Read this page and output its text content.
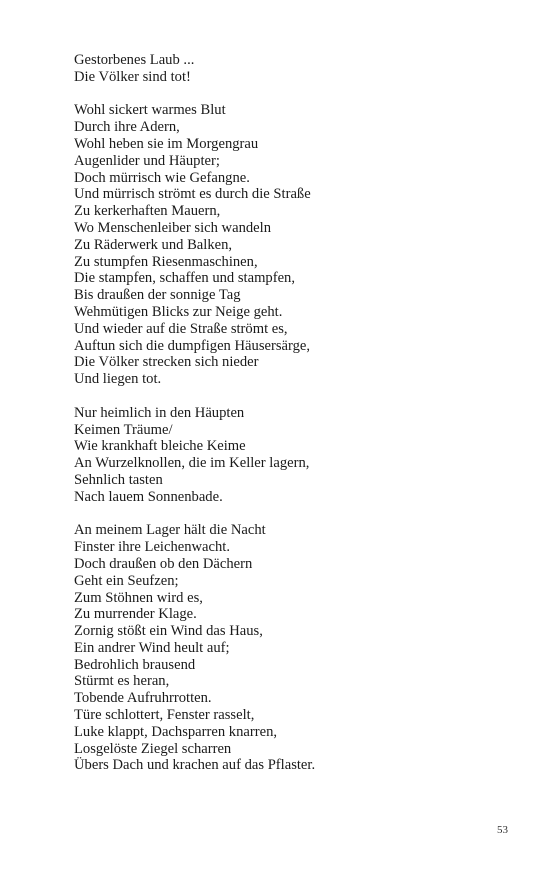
Gestorbenes Laub ...
Die Völker sind tot!
Wohl sickert warmes Blut
Durch ihre Adern,
Wohl heben sie im Morgengrau
Augenlider und Häupter;
Doch mürrisch wie Gefangne.
Und mürrisch strömt es durch die Straße
Zu kerkerhaften Mauern,
Wo Menschenleiber sich wandeln
Zu Räderwerk und Balken,
Zu stumpfen Riesenmaschinen,
Die stampfen, schaffen und stampfen,
Bis draußen der sonnige Tag
Wehmütigen Blicks zur Neige geht.
Und wieder auf die Straße strömt es,
Auftun sich die dumpfigen Häusersärge,
Die Völker strecken sich nieder
Und liegen tot.
Nur heimlich in den Häupten
Keimen Träume/
Wie krankhaft bleiche Keime
An Wurzelknollen, die im Keller lagern,
Sehnlich tasten
Nach lauem Sonnenbade.
An meinem Lager hält die Nacht
Finster ihre Leichenwacht.
Doch draußen ob den Dächern
Geht ein Seufzen;
Zum Stöhnen wird es,
Zu murrender Klage.
Zornig stößt ein Wind das Haus,
Ein andrer Wind heult auf;
Bedrohlich brausend
Stürmt es heran,
Tobende Aufruhrrotten.
Türe schlottert, Fenster rasselt,
Luke klappt, Dachsparren knarren,
Losgelöste Ziegel scharren
Übers Dach und krachen auf das Pflaster.
53
